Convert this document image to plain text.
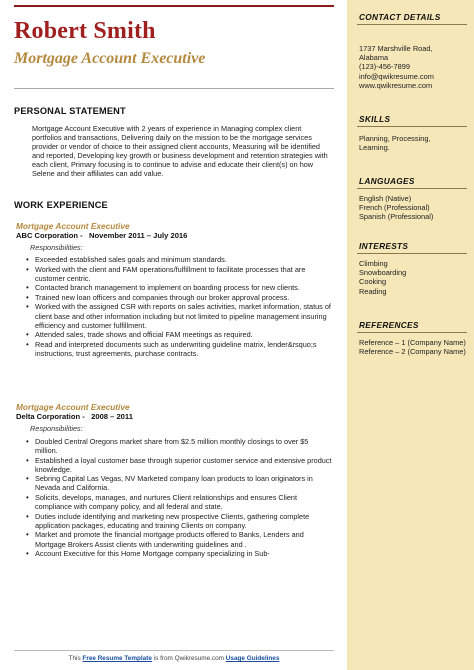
Robert Smith
Mortgage Account Executive
PERSONAL STATEMENT
Mortgage Account Executive with 2 years of experience in Managing complex client portfolios and transactions, Delivering daily on the mission to be the mortgage services provider or vendor of choice to their assigned client accounts, Measuring will be identified and reported, Developing key growth or business development and retention strategies with each client, Primary focusing is to continue to advise and educate their client(s) on how Selene and their affiliates can add value.
WORK EXPERIENCE
Mortgage Account Executive
ABC Corporation - November 2011 – July 2016
Responsibilities:
• Exceeded established sales goals and minimum standards.
• Worked with the client and FAM operations/fulfillment to facilitate processes that are customer centric.
• Contacted branch management to implement on boarding process for new clients.
• Trained new loan officers and companies through our broker approval process.
• Worked with the assigned CSR with reports on sales activities, market information, status of client base and other information including but not limited to pipeline management insuring efficiency and customer fulfillment.
• Attended sales, trade shows and official FAM meetings as required.
• Read and interpreted documents such as underwriting guideline matrix, lender&rsquo;s instructions, trust agreements, purchase contracts.
Mortgage Account Executive
Delta Corporation - 2008 – 2011
Responsibilities:
• Doubled Central Oregons market share from $2.5 million monthly closings to over $5 million.
• Established a loyal customer base through superior customer service and extensive product knowledge.
• Sebring Capital Las Vegas, NV Marketed company loan products to loan originators in Nevada and California.
• Solicits, develops, manages, and nurtures Client relationships and ensures Client compliance with company policy, and all federal and state.
• Duties include identifying and marketing new prospective Clients, gathering complete application packages, educating and training Clients on company.
• Market and promote the financial mortgage products offered to Banks, Lenders and Mortgage Brokers Assist clients with underwriting guidelines and .
• Account Executive for this Home Mortgage company specializing in Sub-
This Free Resume Template is from Qwikresume.com Usage Guidelines
CONTACT DETAILS
1737 Marshville Road,
Alabama
(123)-456-7899
info@qwikresume.com
www.qwikresume.com
SKILLS
Planning, Processing,
Learning.
LANGUAGES
English (Native)
French (Professional)
Spanish (Professional)
INTERESTS
Climbing
Snowboarding
Cooking
Reading
REFERENCES
Reference – 1 (Company Name)
Reference – 2 (Company Name)
